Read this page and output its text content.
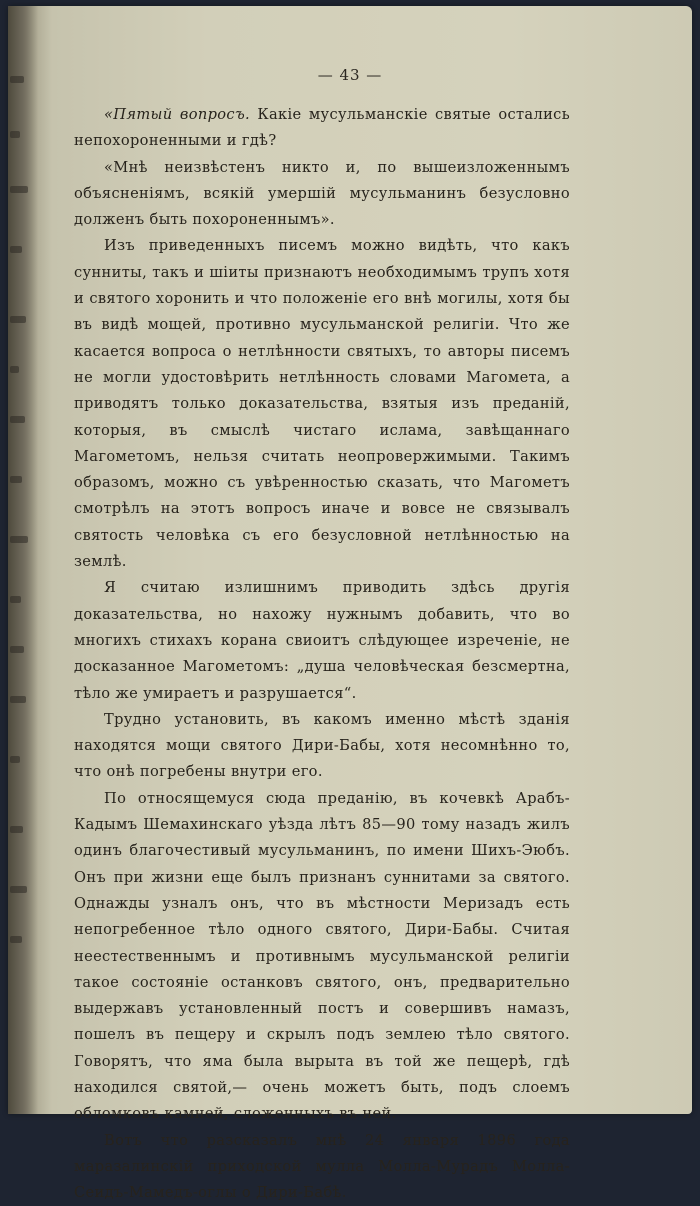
— 43 —

«Пятый вопросъ. Какіе мусульманскіе святые остались непохороненными и гдѣ?

«Мнѣ неизвѣстенъ никто и, по вышеизложеннымъ объясненіямъ, всякій умершій мусульманинъ безусловно долженъ быть похороненнымъ».

Изъ приведенныхъ писемъ можно видѣть, что какъ сунниты, такъ и шіиты признаютъ необходимымъ трупъ хотя и святого хоронить и что положеніе его внѣ могилы, хотя бы въ видѣ мощей, противно мусульманской религіи. Что же касается вопроса о нетлѣнности святыхъ, то авторы писемъ не могли удостовѣрить нетлѣнность словами Магомета, а приводятъ только доказательства, взятыя изъ преданій, которыя, въ смыслѣ чистаго ислама, завѣщаннаго Магометомъ, нельзя считать неопровержимыми. Такимъ образомъ, можно съ увѣренностью сказать, что Магометъ смотрѣлъ на этотъ вопросъ иначе и вовсе не связывалъ святость человѣка съ его безусловной нетлѣнностью на землѣ.

Я считаю излишнимъ приводить здѣсь другія доказательства, но нахожу нужнымъ добавить, что во многихъ стихахъ корана свиоитъ слѣдующее изреченіе, не досказанное Магометомъ: „душа человѣческая безсмертна, тѣло же умираетъ и разрушается“.

Трудно установить, въ какомъ именно мѣстѣ зданія находятся мощи святого Дири-Бабы, хотя несомнѣнно то, что онѣ погребены внутри его.

По относящемуся сюда преданію, въ кочевкѣ Арабъ-Кадымъ Шемахинскаго уѣзда лѣтъ 85—90 тому назадъ жилъ одинъ благочестивый мусульманинъ, по имени Шихъ-Эюбъ. Онъ при жизни еще былъ признанъ суннитами за святого. Однажды узналъ онъ, что въ мѣстности Меризадъ есть непогребенное тѣло одного святого, Дири-Бабы. Считая неестественнымъ и противнымъ мусульманской религіи такое состояніе останковъ святого, онъ, предварительно выдержавъ установленный постъ и совершивъ намазъ, пошелъ въ пещеру и скрылъ подъ землею тѣло святого. Говорятъ, что яма была вырыта въ той же пещерѣ, гдѣ находился святой,— очень можетъ быть, подъ слоемъ обломковъ камней, сложенныхъ въ ней.

Вотъ что разсказалъ мнѣ 24 января 1896 года маразалинскій приходской мулла Молла-Мурадъ Молла-Сеидъ-Мамедъ-оглы о Дири-Бабѣ.
